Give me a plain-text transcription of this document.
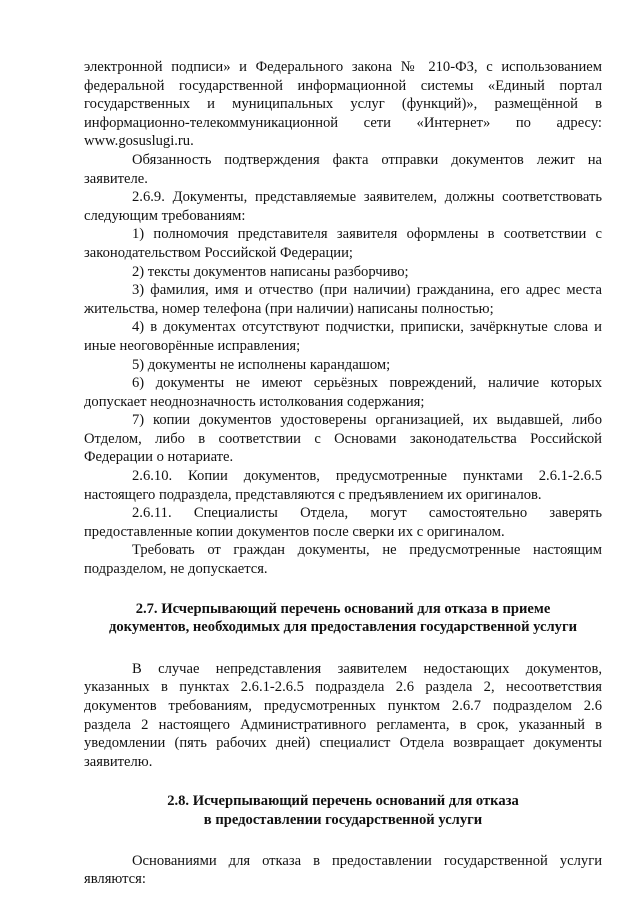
электронной подписи» и Федерального закона № 210-ФЗ, с использованием федеральной государственной информационной системы «Единый портал государственных и муниципальных услуг (функций)», размещённой в информационно-телекоммуникационной сети «Интернет» по адресу: www.gosuslugi.ru.

Обязанность подтверждения факта отправки документов лежит на заявителе.

2.6.9. Документы, представляемые заявителем, должны соответствовать следующим требованиям:

1) полномочия представителя заявителя оформлены в соответствии с законодательством Российской Федерации;

2) тексты документов написаны разборчиво;

3) фамилия, имя и отчество (при наличии) гражданина, его адрес места жительства, номер телефона (при наличии) написаны полностью;

4) в документах отсутствуют подчистки, приписки, зачёркнутые слова и иные неоговорённые исправления;

5) документы не исполнены карандашом;

6) документы не имеют серьёзных повреждений, наличие которых допускает неоднозначность истолкования содержания;

7) копии документов удостоверены организацией, их выдавшей, либо Отделом, либо в соответствии с Основами законодательства Российской Федерации о нотариате.

2.6.10. Копии документов, предусмотренные пунктами 2.6.1-2.6.5 настоящего подраздела, представляются с предъявлением их оригиналов.

2.6.11. Специалисты Отдела, могут самостоятельно заверять предоставленные копии документов после сверки их с оригиналом.

Требовать от граждан документы, не предусмотренные настоящим подразделом, не допускается.

2.7. Исчерпывающий перечень оснований для отказа в приеме
документов, необходимых для предоставления государственной услуги

В случае непредставления заявителем недостающих документов, указанных в пунктах 2.6.1-2.6.5 подраздела 2.6 раздела 2, несоответствия документов требованиям, предусмотренных пунктом 2.6.7 подразделом 2.6 раздела 2 настоящего Административного регламента, в срок, указанный в уведомлении (пять рабочих дней) специалист Отдела возвращает документы заявителю.

2.8. Исчерпывающий перечень оснований для отказа
в предоставлении государственной услуги

Основаниями для отказа в предоставлении государственной услуги являются:
